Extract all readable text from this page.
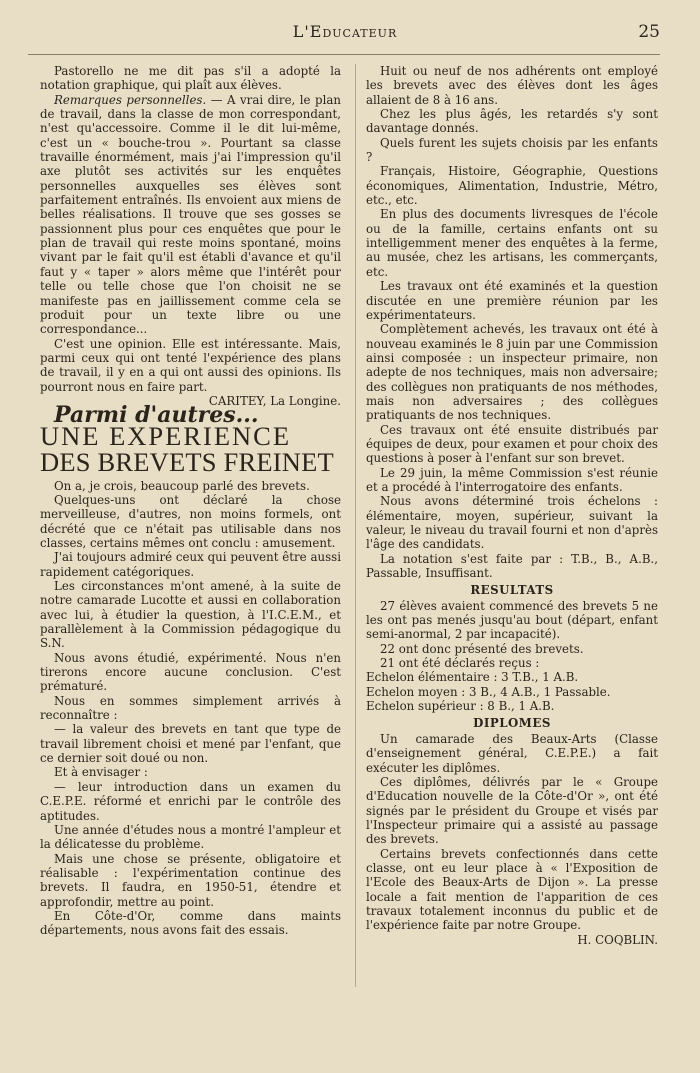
L'Educateur	25

Pastorello ne me dit pas s'il a adopté la notation graphique, qui plaît aux élèves.

Remarques personnelles. — A vrai dire, le plan de travail, dans la classe de mon correspondant, n'est qu'accessoire. Comme il le dit lui-même, c'est un « bouche-trou ». Pourtant sa classe travaille énormément, mais j'ai l'impression qu'il axe plutôt ses activités sur les enquêtes personnelles auxquelles ses élèves sont parfaitement entraînés. Ils envoient aux miens de belles réalisations. Il trouve que ses gosses se passionnent plus pour ces enquêtes que pour le plan de travail qui reste moins spontané, moins vivant par le fait qu'il est établi d'avance et qu'il faut y « taper » alors même que l'intérêt pour telle ou telle chose que l'on choisit ne se manifeste pas en jaillissement comme cela se produit pour un texte libre ou une correspondance...

C'est une opinion. Elle est intéressante. Mais, parmi ceux qui ont tenté l'expérience des plans de travail, il y en a qui ont aussi des opinions. Ils pourront nous en faire part.

CARITEY, La Longine.

Parmi d'autres...

UNE EXPERIENCE
DES BREVETS FREINET

On a, je crois, beaucoup parlé des brevets.

Quelques-uns ont déclaré la chose merveilleuse, d'autres, non moins formels, ont décrété que ce n'était pas utilisable dans nos classes, certains mêmes ont conclu : amusement.

J'ai toujours admiré ceux qui peuvent être aussi rapidement catégoriques.

Les circonstances m'ont amené, à la suite de notre camarade Lucotte et aussi en collaboration avec lui, à étudier la question, à l'I.C.E.M., et parallèlement à la Commission pédagogique du S.N.

Nous avons étudié, expérimenté. Nous n'en tirerons encore aucune conclusion. C'est prématuré.

Nous en sommes simplement arrivés à reconnaître :

— la valeur des brevets en tant que type de travail librement choisi et mené par l'enfant, que ce dernier soit doué ou non.

Et à envisager :

— leur introduction dans un examen du C.E.P.E. réformé et enrichi par le contrôle des aptitudes.

Une année d'études nous a montré l'ampleur et la délicatesse du problème.

Mais une chose se présente, obligatoire et réalisable : l'expérimentation continue des brevets. Il faudra, en 1950-51, étendre et approfondir, mettre au point.

En Côte-d'Or, comme dans maints départements, nous avons fait des essais.

Huit ou neuf de nos adhérents ont employé les brevets avec des élèves dont les âges allaient de 8 à 16 ans.

Chez les plus âgés, les retardés s'y sont davantage donnés.

Quels furent les sujets choisis par les enfants ?

Français, Histoire, Géographie, Questions économiques, Alimentation, Industrie, Métro, etc., etc.

En plus des documents livresques de l'école ou de la famille, certains enfants ont su intelligemment mener des enquêtes à la ferme, au musée, chez les artisans, les commerçants, etc.

Les travaux ont été examinés et la question discutée en une première réunion par les expérimentateurs.

Complètement achevés, les travaux ont été à nouveau examinés le 8 juin par une Commission ainsi composée : un inspecteur primaire, non adepte de nos techniques, mais non adversaire; des collègues non pratiquants de nos méthodes, mais non adversaires ; des collègues pratiquants de nos techniques.

Ces travaux ont été ensuite distribués par équipes de deux, pour examen et pour choix des questions à poser à l'enfant sur son brevet.

Le 29 juin, la même Commission s'est réunie et a procédé à l'interrogatoire des enfants.

Nous avons déterminé trois échelons : élémentaire, moyen, supérieur, suivant la valeur, le niveau du travail fourni et non d'après l'âge des candidats.

La notation s'est faite par : T.B., B., A.B., Passable, Insuffisant.

RESULTATS

27 élèves avaient commencé des brevets 5 ne les ont pas menés jusqu'au bout (départ, enfant semi-anormal, 2 par incapacité).

22 ont donc présenté des brevets.

21 ont été déclarés reçus :

Echelon élémentaire : 3 T.B., 1 A.B.

Echelon moyen : 3 B., 4 A.B., 1 Passable.

Echelon supérieur : 8 B., 1 A.B.

DIPLOMES

Un camarade des Beaux-Arts (Classe d'enseignement général, C.E.P.E.) a fait exécuter les diplômes.

Ces diplômes, délivrés par le « Groupe d'Education nouvelle de la Côte-d'Or », ont été signés par le président du Groupe et visés par l'Inspecteur primaire qui a assisté au passage des brevets.

Certains brevets confectionnés dans cette classe, ont eu leur place à « l'Exposition de l'Ecole des Beaux-Arts de Dijon ». La presse locale a fait mention de l'apparition de ces travaux totalement inconnus du public et de l'expérience faite par notre Groupe.

H. COQBLIN.
